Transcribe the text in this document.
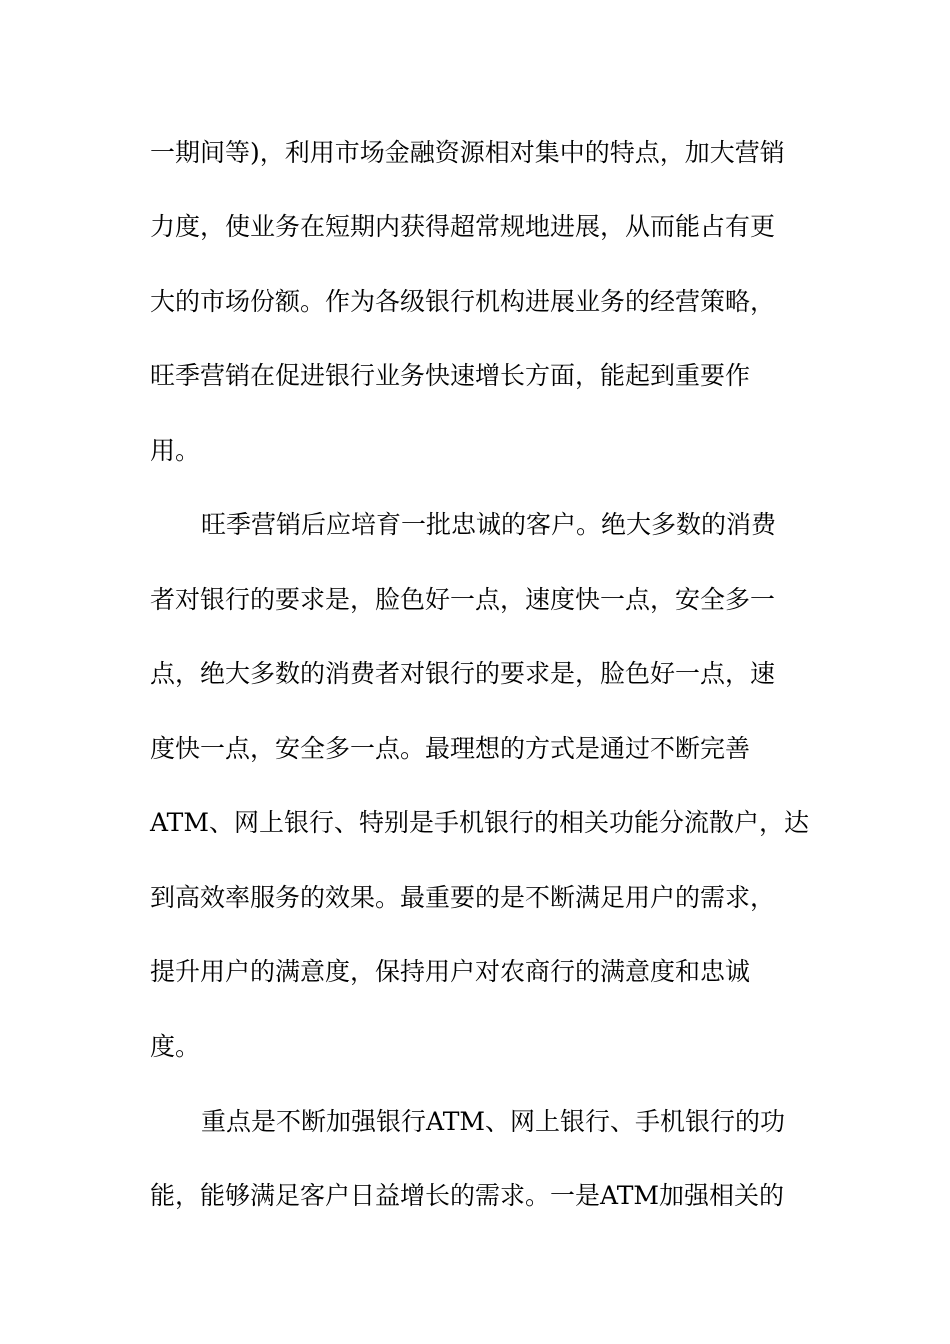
一期间等)，利用市场金融资源相对集中的特点，加大营销

力度，使业务在短期内获得超常规地进展，从而能占有更

大的市场份额。作为各级银行机构进展业务的经营策略，

旺季营销在促进银行业务快速增长方面，能起到重要作

用。

旺季营销后应培育一批忠诚的客户。绝大多数的消费

者对银行的要求是，脸色好一点，速度快一点，安全多一

点，绝大多数的消费者对银行的要求是，脸色好一点，速

度快一点，安全多一点。最理想的方式是通过不断完善

ATM、网上银行、特别是手机银行的相关功能分流散户，达

到高效率服务的效果。最重要的是不断满足用户的需求，

提升用户的满意度，保持用户对农商行的满意度和忠诚

度。

重点是不断加强银行ATM、网上银行、手机银行的功

能，能够满足客户日益增长的需求。一是ATM加强相关的
